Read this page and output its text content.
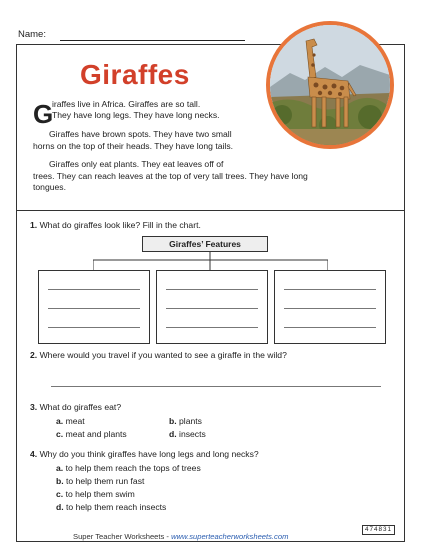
Name:
Giraffes
G
iraffes live in Africa. Giraffes are so tall.
They have long legs. They have long necks.
Giraffes have brown spots. They have two small
horns on the top of their heads. They have long tails.
Giraffes only eat plants. They eat leaves off of
trees. They can reach leaves at the top of very tall trees. They have long
tongues.
1. What do giraffes look like? Fill in the chart.
Giraffes’ Features
2. Where would you travel if you wanted to see a giraffe in the wild?
3. What do giraffes eat?
a. meat	b. plants
c. meat and plants	d. insects
4. Why do you think giraffes have long legs and long necks?
a. to help them reach the tops of trees
b. to help them run fast
c. to help them swim
d. to help them reach insects
Super Teacher Worksheets - www.superteacherworksheets.com
474831
